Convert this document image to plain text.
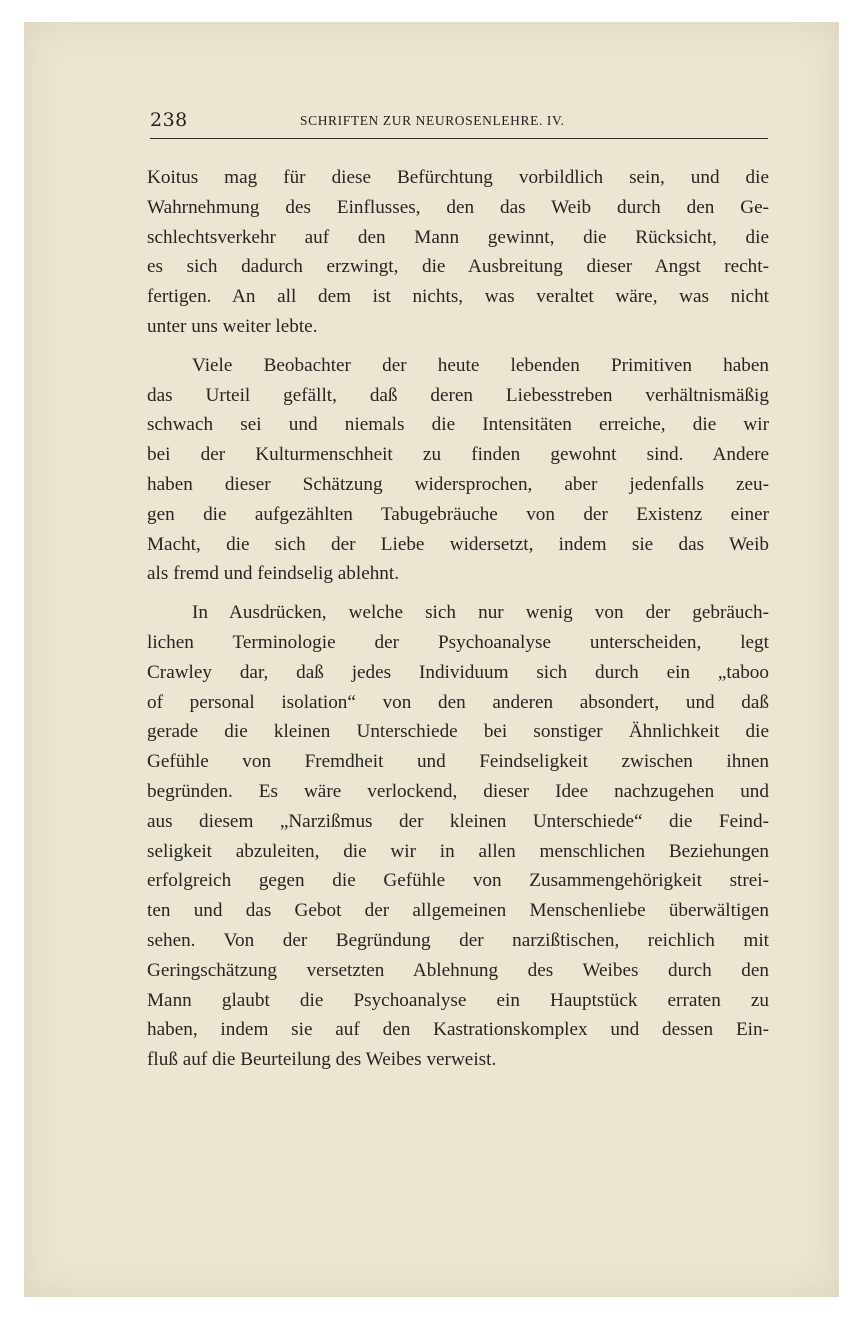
238	SCHRIFTEN ZUR NEUROSENLEHRE. IV.
Koitus mag für diese Befürchtung vorbildlich sein, und die
Wahrnehmung des Einflusses, den das Weib durch den Ge-
schlechtsverkehr auf den Mann gewinnt, die Rücksicht, die
es sich dadurch erzwingt, die Ausbreitung dieser Angst recht-
fertigen. An all dem ist nichts, was veraltet wäre, was nicht
unter uns weiter lebte.
Viele Beobachter der heute lebenden Primitiven haben
das Urteil gefällt, daß deren Liebesstreben verhältnismäßig
schwach sei und niemals die Intensitäten erreiche, die wir
bei der Kulturmenschheit zu finden gewohnt sind. Andere
haben dieser Schätzung widersprochen, aber jedenfalls zeu-
gen die aufgezählten Tabugebräuche von der Existenz einer
Macht, die sich der Liebe widersetzt, indem sie das Weib
als fremd und feindselig ablehnt.
In Ausdrücken, welche sich nur wenig von der gebräuch-
lichen Terminologie der Psychoanalyse unterscheiden, legt
Crawley dar, daß jedes Individuum sich durch ein „taboo
of personal isolation“ von den anderen absondert, und daß
gerade die kleinen Unterschiede bei sonstiger Ähnlichkeit die
Gefühle von Fremdheit und Feindseligkeit zwischen ihnen
begründen. Es wäre verlockend, dieser Idee nachzugehen und
aus diesem „Narzißmus der kleinen Unterschiede“ die Feind-
seligkeit abzuleiten, die wir in allen menschlichen Beziehungen
erfolgreich gegen die Gefühle von Zusammengehörigkeit strei-
ten und das Gebot der allgemeinen Menschenliebe überwältigen
sehen. Von der Begründung der narzißtischen, reichlich mit
Geringschätzung versetzten Ablehnung des Weibes durch den
Mann glaubt die Psychoanalyse ein Hauptstück erraten zu
haben, indem sie auf den Kastrationskomplex und dessen Ein-
fluß auf die Beurteilung des Weibes verweist.
